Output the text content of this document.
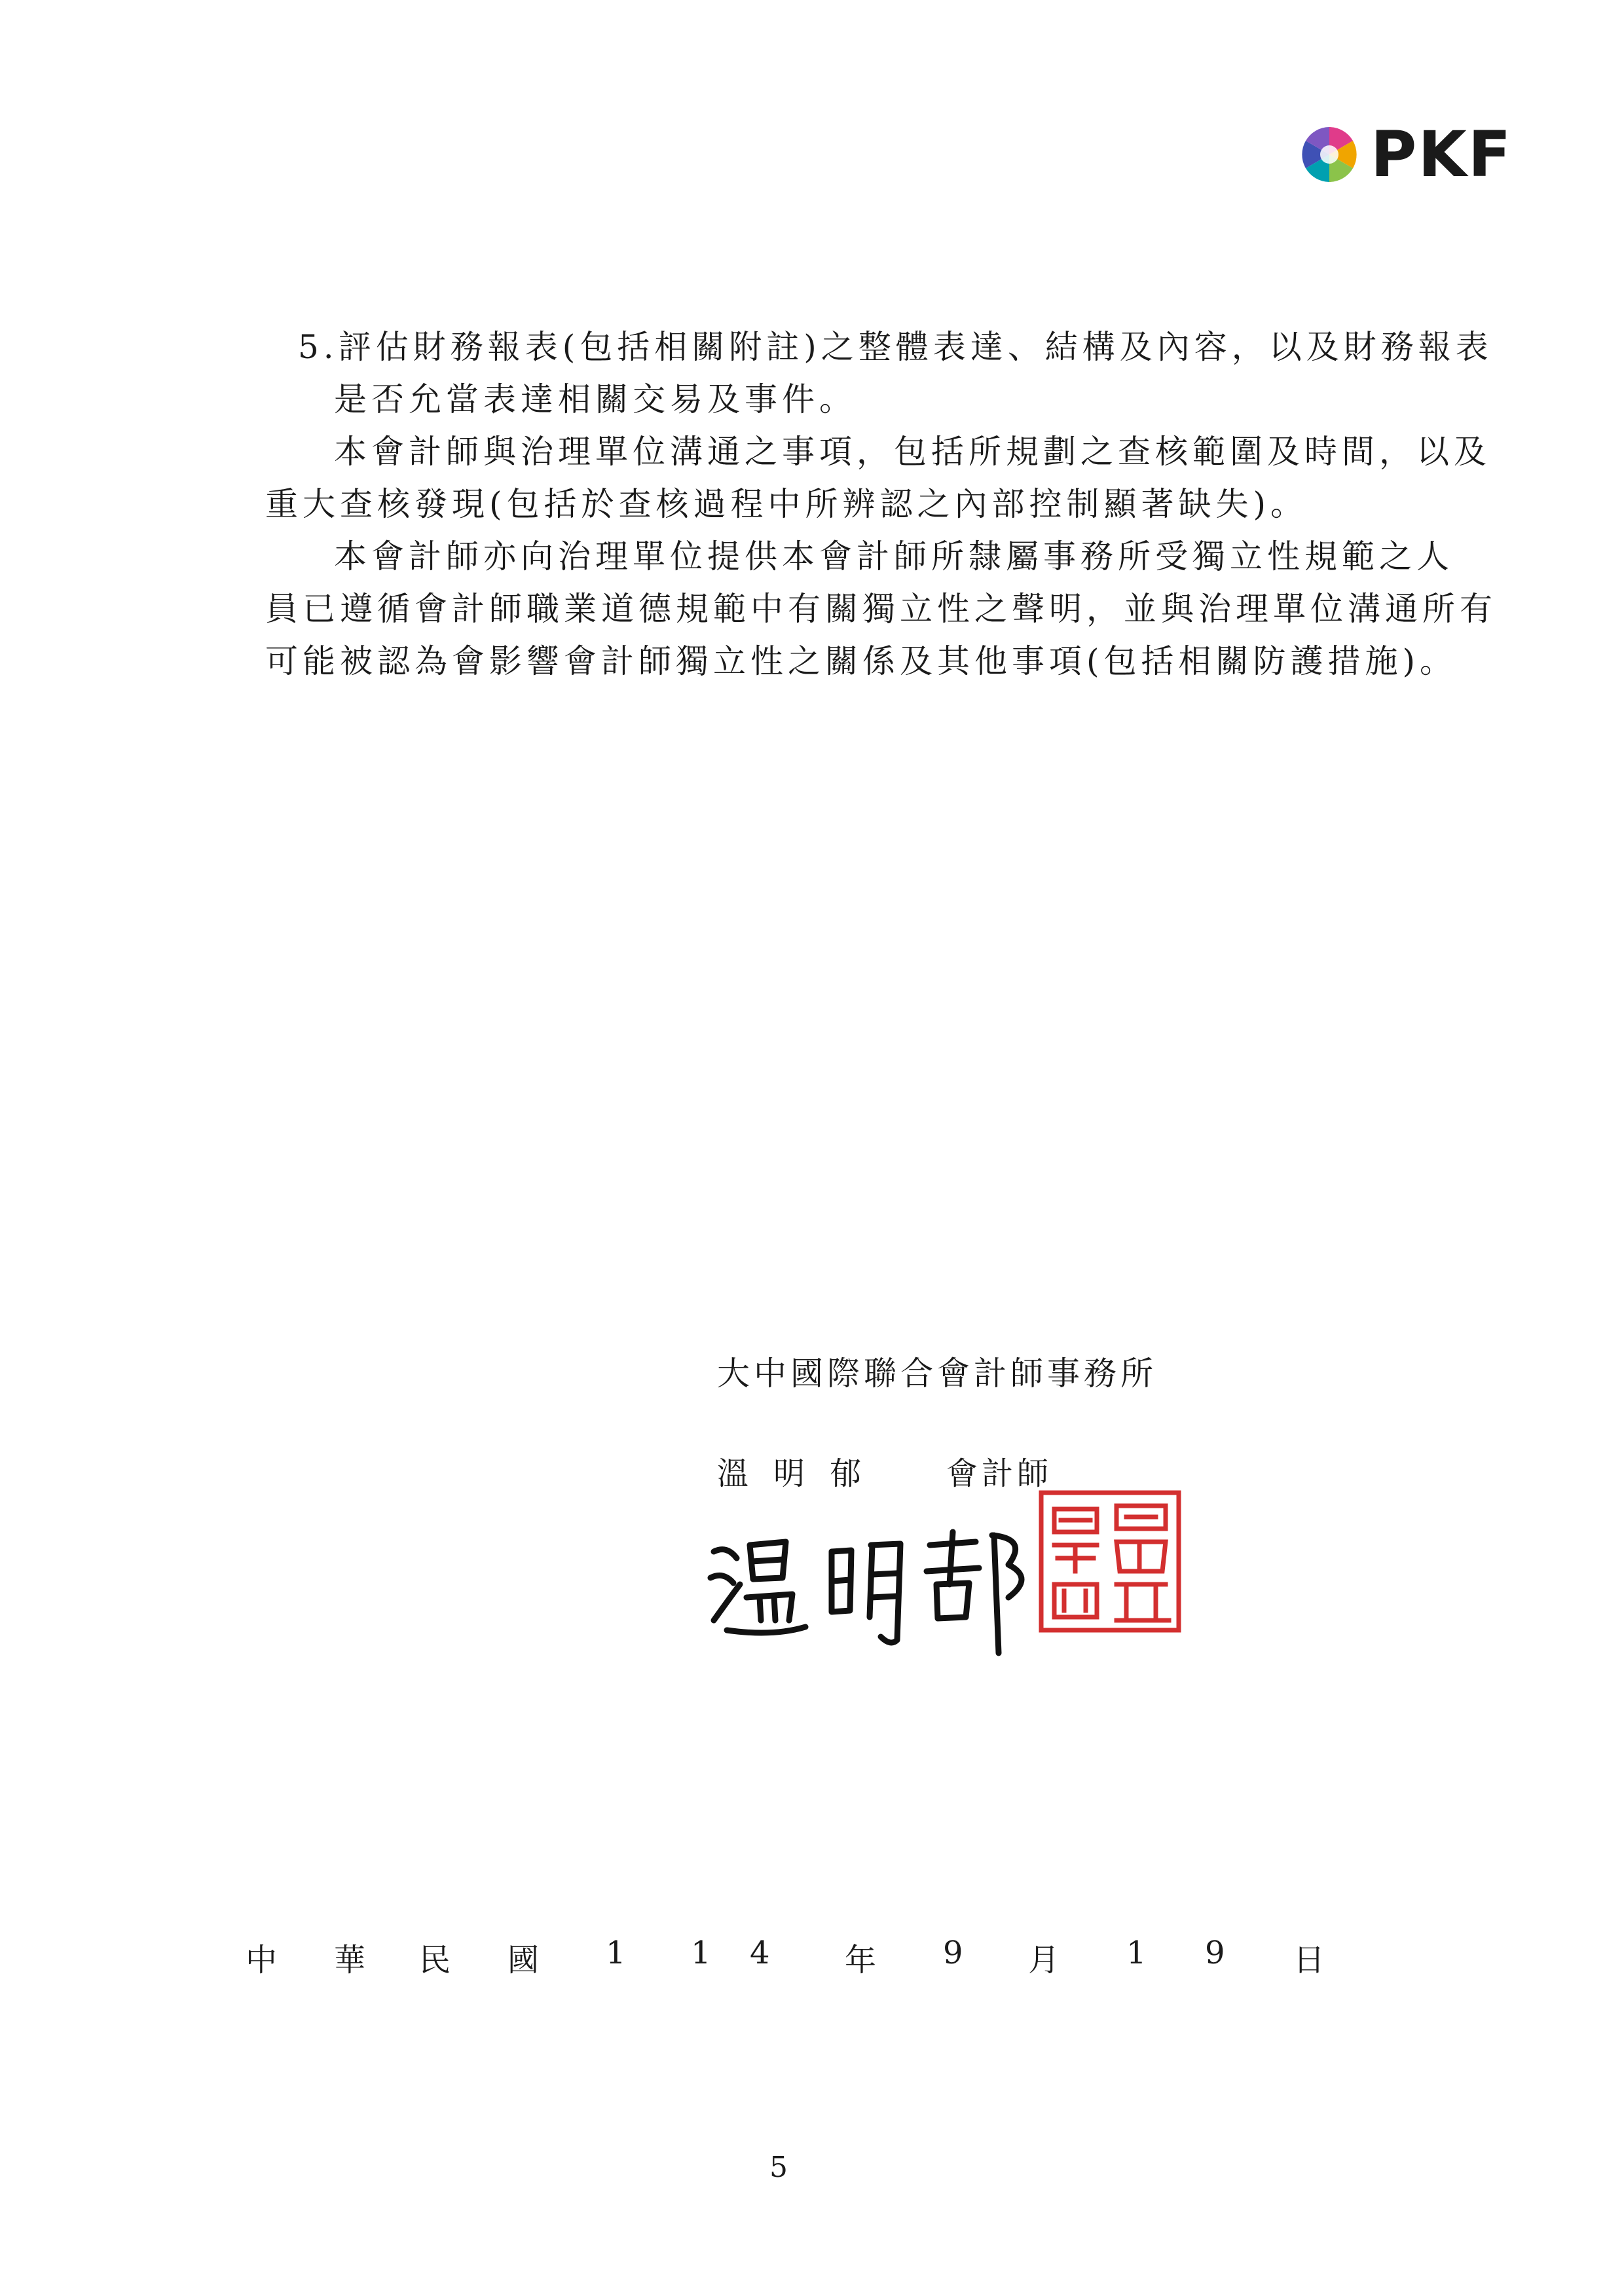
PKF
5.評估財務報表(包括相關附註)之整體表達、結構及內容，以及財務報表
是否允當表達相關交易及事件。
本會計師與治理單位溝通之事項，包括所規劃之查核範圍及時間，以及
重大查核發現(包括於查核過程中所辨認之內部控制顯著缺失)。
本會計師亦向治理單位提供本會計師所隸屬事務所受獨立性規範之人
員已遵循會計師職業道德規範中有關獨立性之聲明，並與治理單位溝通所有
可能被認為會影響會計師獨立性之關係及其他事項(包括相關防護措施)。
大中國際聯合會計師事務所
溫明郁 會計師
中 華 民 國 1 1 4 年 9 月 1 9 日
5
